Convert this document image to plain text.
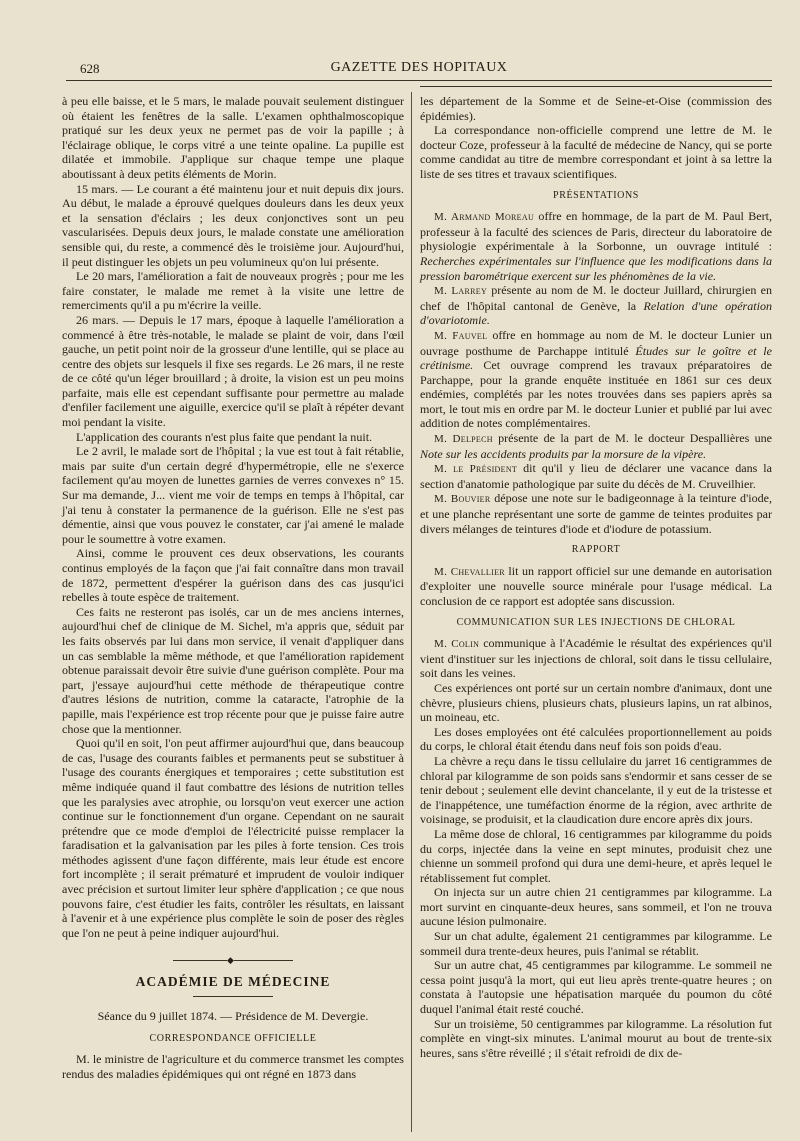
628	GAZETTE DES HOPITAUX

à peu elle baisse, et le 5 mars, le malade pouvait seulement distinguer où étaient les fenêtres de la salle. L'examen ophthalmoscopique pratiqué sur les deux yeux ne permet pas de voir la papille ; à l'éclairage oblique, le corps vitré a une teinte opaline. La pupille est dilatée et immobile. J'applique sur chaque tempe une plaque aboutissant à deux petits éléments de Morin.

15 mars. — Le courant a été maintenu jour et nuit depuis dix jours. Au début, le malade a éprouvé quelques douleurs dans les deux yeux et la sensation d'éclairs ; les deux conjonctives sont un peu vascularisées. Depuis deux jours, le malade constate une amélioration sensible qui, du reste, a commencé dès le troisième jour. Aujourd'hui, il peut distinguer les objets un peu volumineux qu'on lui présente.

Le 20 mars, l'amélioration a fait de nouveaux progrès ; pour me les faire constater, le malade me remet à la visite une lettre de remerciments qu'il a pu m'écrire la veille.

26 mars. — Depuis le 17 mars, époque à laquelle l'amélioration a commencé à être très-notable, le malade se plaint de voir, dans l'œil gauche, un petit point noir de la grosseur d'une lentille, qui se place au centre des objets sur lesquels il fixe ses regards. Le 26 mars, il ne reste de ce côté qu'un léger brouillard ; à droite, la vision est un peu moins parfaite, mais elle est cependant suffisante pour permettre au malade d'enfiler facilement une aiguille, exercice qu'il se plaît à répéter devant moi pendant la visite.

L'application des courants n'est plus faite que pendant la nuit.

Le 2 avril, le malade sort de l'hôpital ; la vue est tout à fait rétablie, mais par suite d'un certain degré d'hypermétropie, elle ne s'exerce facilement qu'au moyen de lunettes garnies de verres convexes n° 15. Sur ma demande, J... vient me voir de temps en temps à l'hôpital, car j'ai tenu à constater la permanence de la guérison. Elle ne s'est pas démentie, ainsi que vous pouvez le constater, car j'ai amené le malade pour le soumettre à votre examen.

Ainsi, comme le prouvent ces deux observations, les courants continus employés de la façon que j'ai fait connaître dans mon travail de 1872, permettent d'espérer la guérison dans des cas jusqu'ici rebelles à toute espèce de traitement.

Ces faits ne resteront pas isolés, car un de mes anciens internes, aujourd'hui chef de clinique de M. Sichel, m'a appris que, séduit par les faits observés par lui dans mon service, il venait d'appliquer dans un cas semblable la même méthode, et que l'amélioration rapidement obtenue paraissait devoir être suivie d'une guérison complète. Pour ma part, j'essaye aujourd'hui cette méthode de thérapeutique contre d'autres lésions de nutrition, comme la cataracte, l'atrophie de la papille, mais l'expérience est trop récente pour que je puisse faire autre chose que la mentionner.

Quoi qu'il en soit, l'on peut affirmer aujourd'hui que, dans beaucoup de cas, l'usage des courants faibles et permanents peut se substituer à l'usage des courants énergiques et temporaires ; cette substitution est même indiquée quand il faut combattre des lésions de nutrition telles que les paralysies avec atrophie, ou lorsqu'on veut exercer une action continue sur le fonctionnement d'un organe. Cependant on ne saurait prétendre que ce mode d'emploi de l'électricité puisse remplacer la faradisation et la galvanisation par les piles à forte tension. Ces trois méthodes agissent d'une façon différente, mais leur étude est encore fort incomplète ; il serait prématuré et imprudent de vouloir indiquer avec précision et surtout limiter leur sphère d'application ; ce que nous pouvons faire, c'est étudier les faits, contrôler les résultats, en laissant à l'avenir et à une expérience plus complète le soin de poser des règles que l'on ne peut à peine indiquer aujourd'hui.

◆
ACADÉMIE DE MÉDECINE
Séance du 9 juillet 1874. — Présidence de M. Devergie.
CORRESPONDANCE OFFICIELLE

M. le ministre de l'agriculture et du commerce transmet les comptes rendus des maladies épidémiques qui ont régné en 1873 dans

les département de la Somme et de Seine-et-Oise (commission des épidémies).

La correspondance non-officielle comprend une lettre de M. le docteur Coze, professeur à la faculté de médecine de Nancy, qui se porte comme candidat au titre de membre correspondant et joint à sa lettre la liste de ses titres et travaux scientifiques.

PRÉSENTATIONS

M. Armand Moreau offre en hommage, de la part de M. Paul Bert, professeur à la faculté des sciences de Paris, directeur du laboratoire de physiologie expérimentale à la Sorbonne, un ouvrage intitulé : Recherches expérimentales sur l'influence que les modifications dans la pression barométrique exercent sur les phénomènes de la vie.

M. Larrey présente au nom de M. le docteur Juillard, chirurgien en chef de l'hôpital cantonal de Genève, la Relation d'une opération d'ovariotomie.

M. Fauvel offre en hommage au nom de M. le docteur Lunier un ouvrage posthume de Parchappe intitulé Études sur le goître et le crétinisme. Cet ouvrage comprend les travaux préparatoires de Parchappe, pour la grande enquête instituée en 1861 sur ces deux endémies, complétés par les notes trouvées dans ses papiers après sa mort, le tout mis en ordre par M. le docteur Lunier et publié par lui avec addition de notes complémentaires.

M. Delpech présente de la part de M. le docteur Despallières une Note sur les accidents produits par la morsure de la vipère.

M. le Président dit qu'il y lieu de déclarer une vacance dans la section d'anatomie pathologique par suite du décès de M. Cruveilhier.

M. Bouvier dépose une note sur le badigeonnage à la teinture d'iode, et une planche représentant une sorte de gamme de teintes produites par divers mélanges de teintures d'iode et d'iodure de potassium.

RAPPORT

M. Chevallier lit un rapport officiel sur une demande en autorisation d'exploiter une nouvelle source minérale pour l'usage médical. La conclusion de ce rapport est adoptée sans discussion.

COMMUNICATION SUR LES INJECTIONS DE CHLORAL

M. Colin communique à l'Académie le résultat des expériences qu'il vient d'instituer sur les injections de chloral, soit dans le tissu cellulaire, soit dans les veines.

Ces expériences ont porté sur un certain nombre d'animaux, dont une chèvre, plusieurs chiens, plusieurs chats, plusieurs lapins, un rat albinos, un moineau, etc.

Les doses employées ont été calculées proportionnellement au poids du corps, le chloral était étendu dans neuf fois son poids d'eau.

La chèvre a reçu dans le tissu cellulaire du jarret 16 centigrammes de chloral par kilogramme de son poids sans s'endormir et sans cesser de se tenir debout ; seulement elle devint chancelante, il y eut de la tristesse et de l'inappétence, une tuméfaction énorme de la région, avec arthrite de voisinage, se produisit, et la claudication dure encore après dix jours.

La même dose de chloral, 16 centigrammes par kilogramme du poids du corps, injectée dans la veine en sept minutes, produisit chez une chienne un sommeil profond qui dura une demi-heure, et après lequel le rétablissement fut complet.

On injecta sur un autre chien 21 centigrammes par kilogramme. La mort survint en cinquante-deux heures, sans sommeil, et l'on ne trouva aucune lésion pulmonaire.

Sur un chat adulte, également 21 centigrammes par kilogramme. Le sommeil dura trente-deux heures, puis l'animal se rétablit.

Sur un autre chat, 45 centigrammes par kilogramme. Le sommeil ne cessa point jusqu'à la mort, qui eut lieu après trente-quatre heures ; on constata à l'autopsie une hépatisation marquée du poumon du côté duquel l'animal était resté couché.

Sur un troisième, 50 centigrammes par kilogramme. La résolution fut complète en vingt-six minutes. L'animal mourut au bout de trente-six heures, sans s'être réveillé ; il s'était refroidi de dix de-
